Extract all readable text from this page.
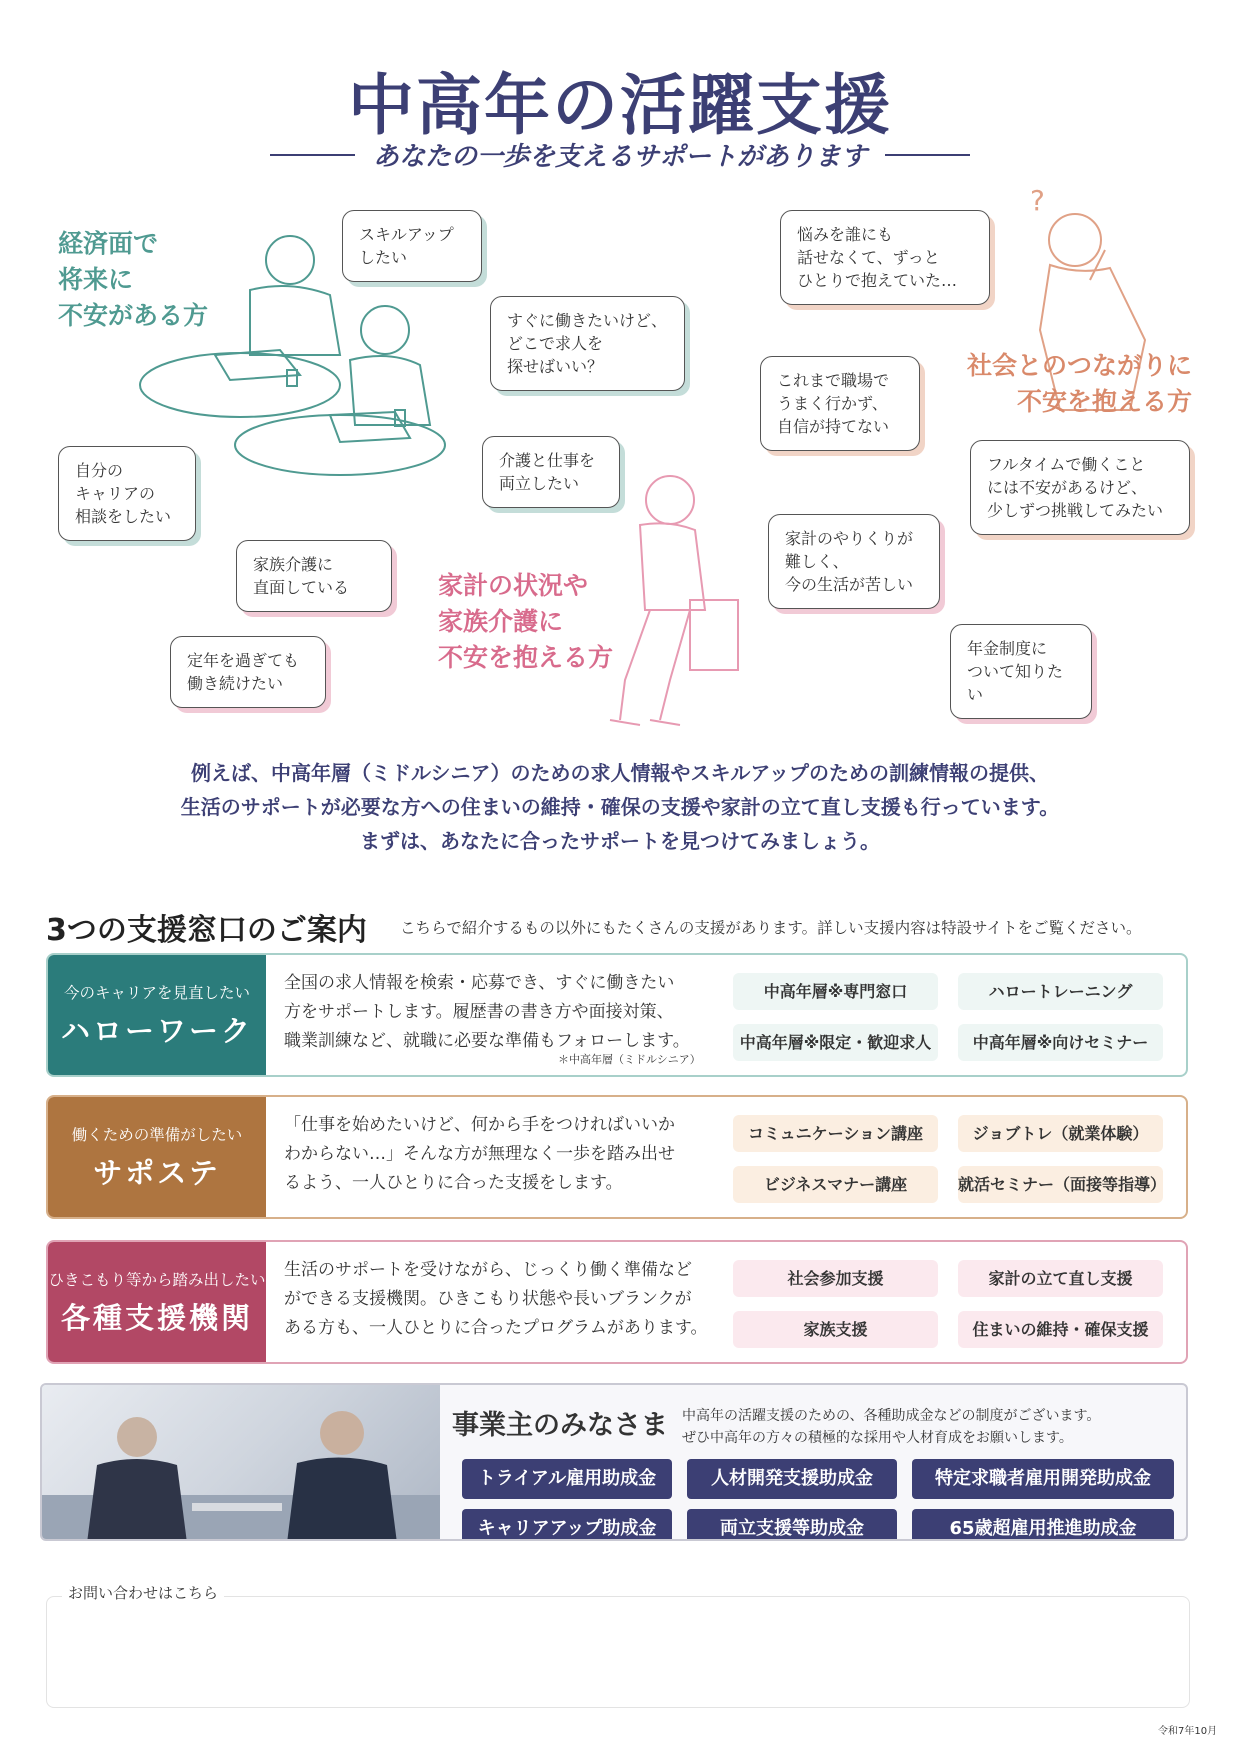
中高年の活躍支援
あなたの一歩を支えるサポートがあります
?
経済面で
将来に
不安がある方
社会とのつながりに
不安を抱える方
家計の状況や
家族介護に
不安を抱える方
スキルアップ
したい
すぐに働きたいけど、
どこで求人を
探せばいい？
自分の
キャリアの
相談をしたい
介護と仕事を
両立したい
家族介護に
直面している
定年を過ぎても
働き続けたい
悩みを誰にも
話せなくて、ずっと
ひとりで抱えていた…
これまで職場で
うまく行かず、
自信が持てない
フルタイムで働くこと
には不安があるけど、
少しずつ挑戦してみたい
家計のやりくりが
難しく、
今の生活が苦しい
年金制度に
ついて知りたい
例えば、中高年層（ミドルシニア）のための求人情報やスキルアップのための訓練情報の提供、
生活のサポートが必要な方への住まいの維持・確保の支援や家計の立て直し支援も行っています。
まずは、あなたに合ったサポートを見つけてみましょう。
3つの支援窓口のご案内 こちらで紹介するもの以外にもたくさんの支援があります。詳しい支援内容は特設サイトをご覧ください。
今のキャリアを見直したい
ハローワーク
全国の求人情報を検索・応募でき、すぐに働きたい
方をサポートします。履歴書の書き方や面接対策、
職業訓練など、就職に必要な準備もフォローします。
＊中高年層（ミドルシニア）
中高年層※専門窓口	ハロートレーニング
中高年層※限定・歓迎求人	中高年層※向けセミナー
働くための準備がしたい
サポステ
「仕事を始めたいけど、何から手をつければいいか
わからない…」そんな方が無理なく一歩を踏み出せ
るよう、一人ひとりに合った支援をします。
コミュニケーション講座	ジョブトレ（就業体験）
ビジネスマナー講座	就活セミナー（面接等指導）
ひきこもり等から踏み出したい
各種支援機関
生活のサポートを受けながら、じっくり働く準備など
ができる支援機関。ひきこもり状態や長いブランクが
ある方も、一人ひとりに合ったプログラムがあります。
社会参加支援	家計の立て直し支援
家族支援	住まいの維持・確保支援
事業主のみなさま 中高年の活躍支援のための、各種助成金などの制度がございます。
ぜひ中高年の方々の積極的な採用や人材育成をお願いします。
トライアル雇用助成金	人材開発支援助成金	特定求職者雇用開発助成金
キャリアアップ助成金	両立支援等助成金	65歳超雇用推進助成金
お問い合わせはこちら
令和7年10月
